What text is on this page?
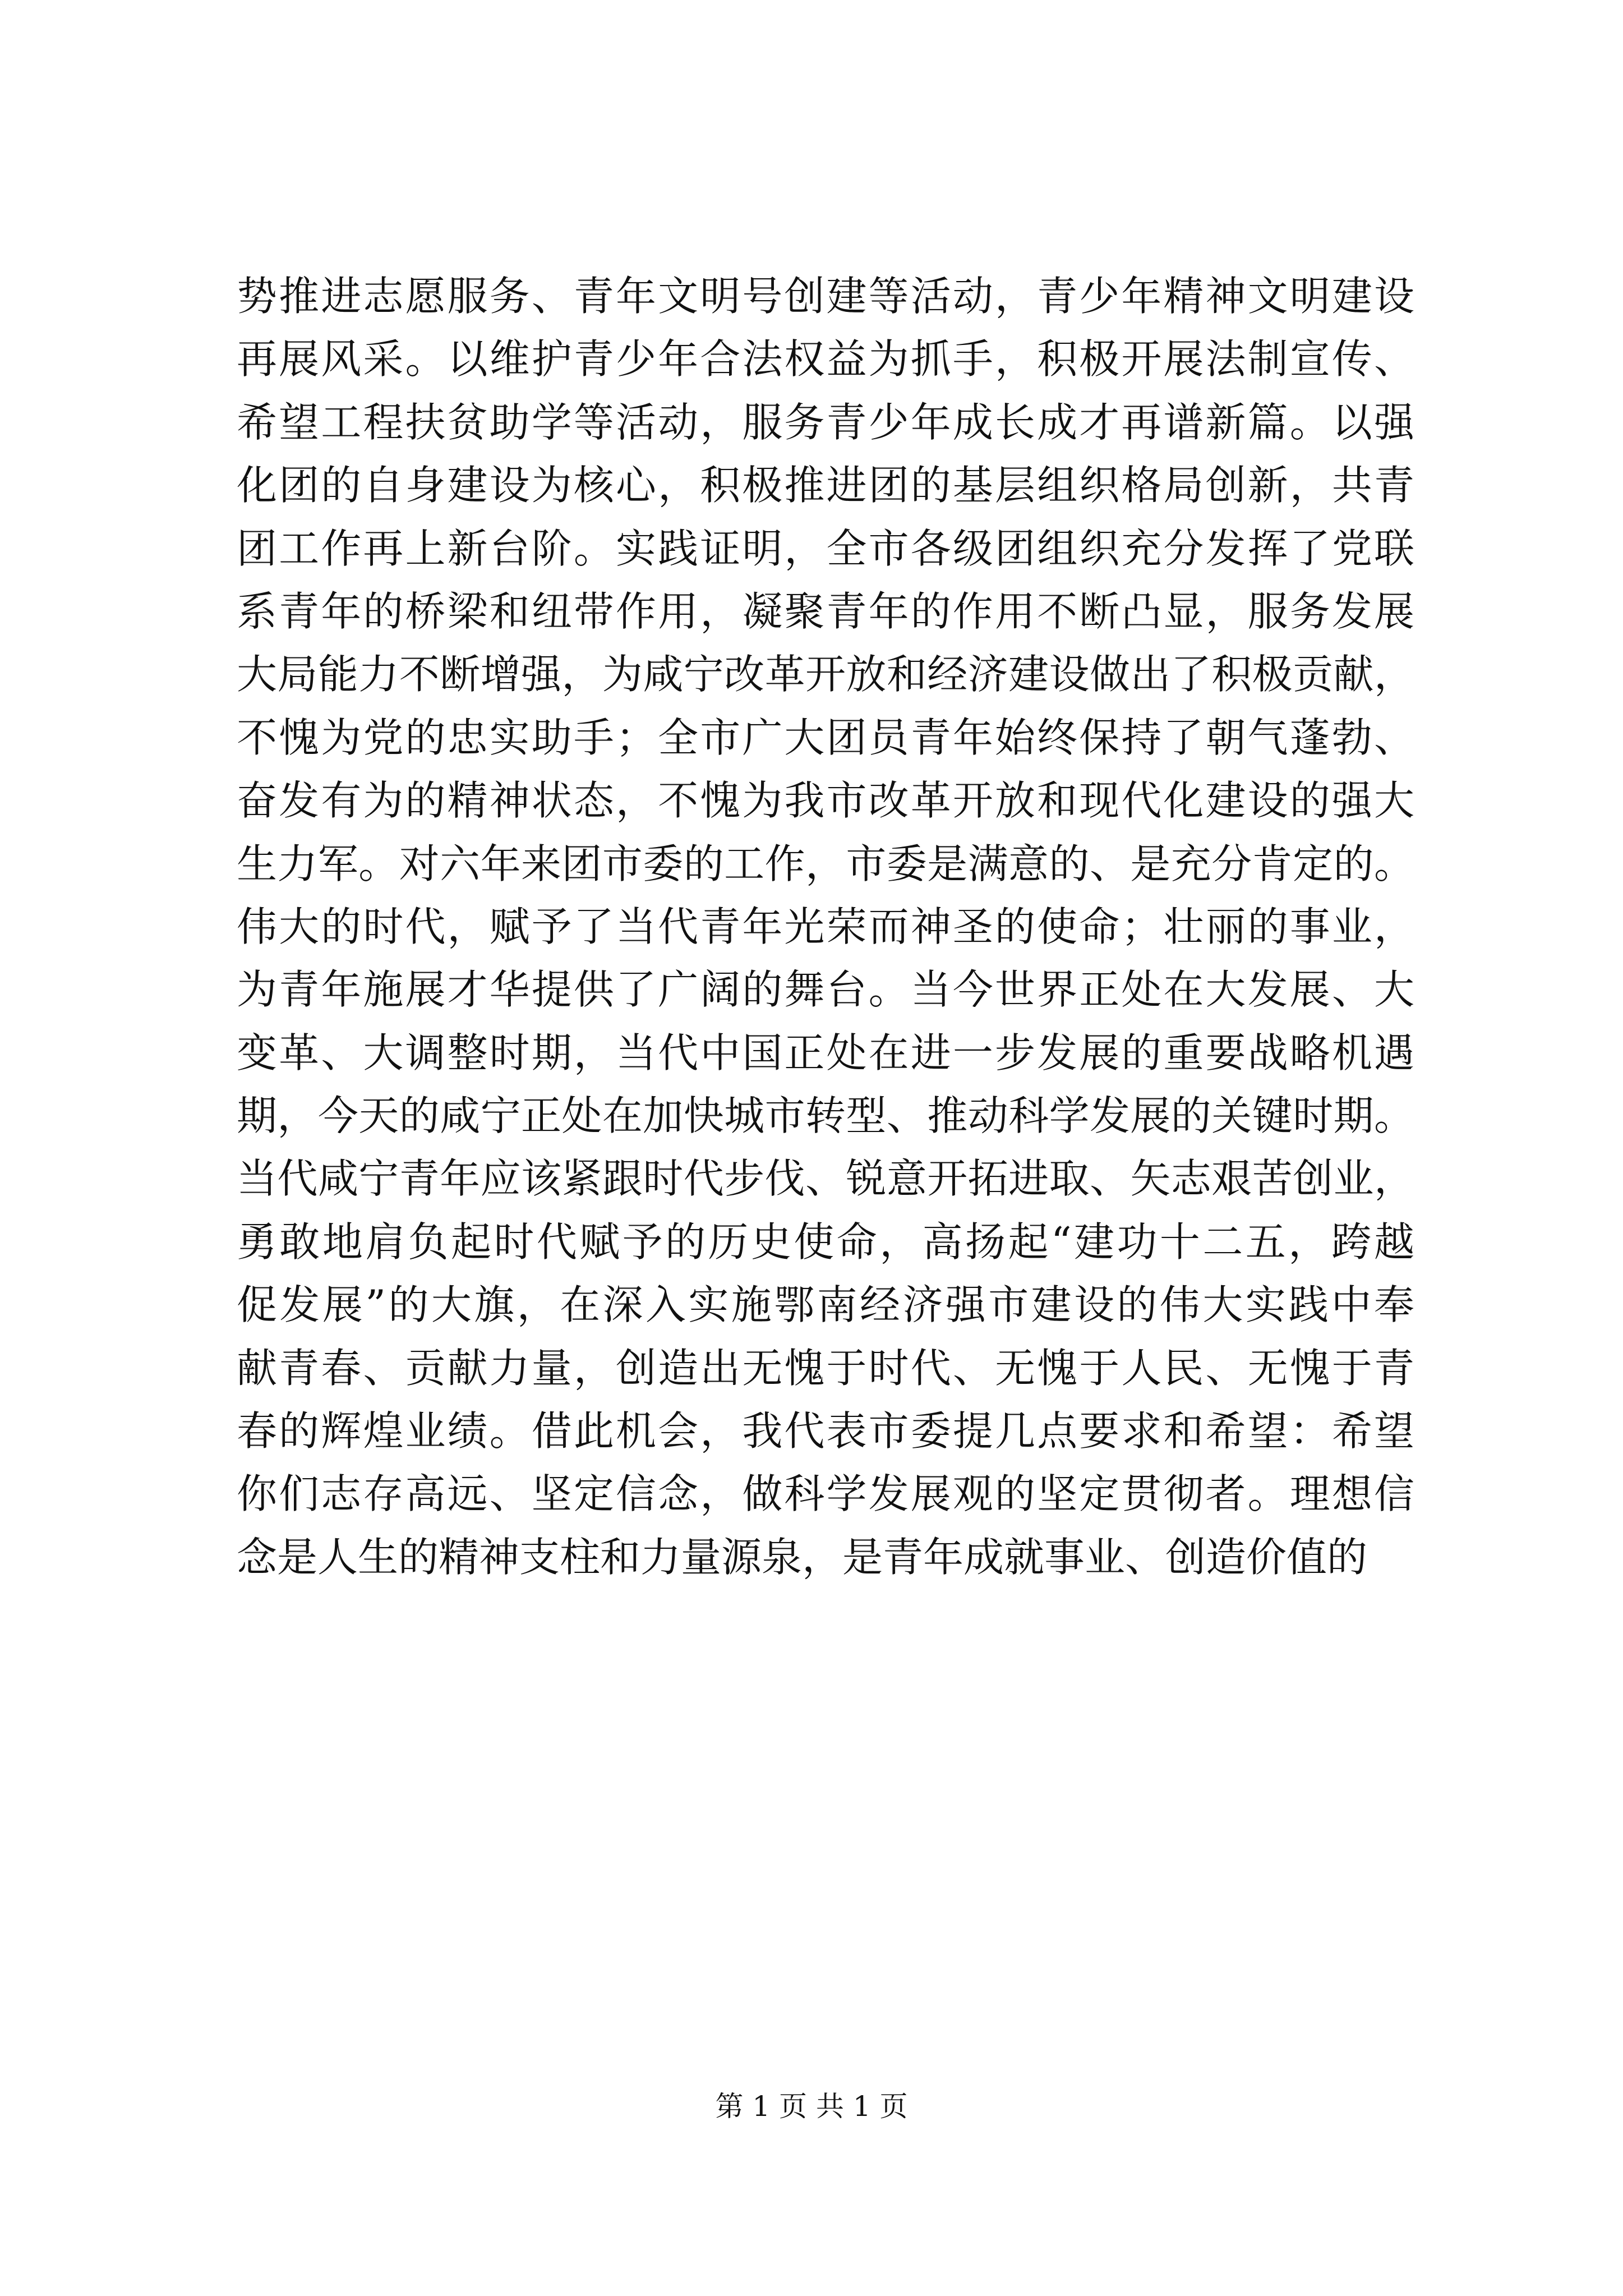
势推进志愿服务、青年文明号创建等活动，青少年精神文明建设
再展风采。以维护青少年合法权益为抓手，积极开展法制宣传、
希望工程扶贫助学等活动，服务青少年成长成才再谱新篇。以强
化团的自身建设为核心，积极推进团的基层组织格局创新，共青
团工作再上新台阶。实践证明，全市各级团组织充分发挥了党联
系青年的桥梁和纽带作用，凝聚青年的作用不断凸显，服务发展
大局能力不断增强，为咸宁改革开放和经济建设做出了积极贡献，
不愧为党的忠实助手；全市广大团员青年始终保持了朝气蓬勃、
奋发有为的精神状态，不愧为我市改革开放和现代化建设的强大
生力军。对六年来团市委的工作，市委是满意的、是充分肯定的。
伟大的时代，赋予了当代青年光荣而神圣的使命；壮丽的事业，
为青年施展才华提供了广阔的舞台。当今世界正处在大发展、大
变革、大调整时期，当代中国正处在进一步发展的重要战略机遇
期，今天的咸宁正处在加快城市转型、推动科学发展的关键时期。
当代咸宁青年应该紧跟时代步伐、锐意开拓进取、矢志艰苦创业，
勇敢地肩负起时代赋予的历史使命，高扬起“建功十二五，跨越
促发展”的大旗，在深入实施鄂南经济强市建设的伟大实践中奉
献青春、贡献力量，创造出无愧于时代、无愧于人民、无愧于青
春的辉煌业绩。借此机会，我代表市委提几点要求和希望：希望
你们志存高远、坚定信念，做科学发展观的坚定贯彻者。理想信
念是人生的精神支柱和力量源泉，是青年成就事业、创造价值的
第 1 页 共 1 页
